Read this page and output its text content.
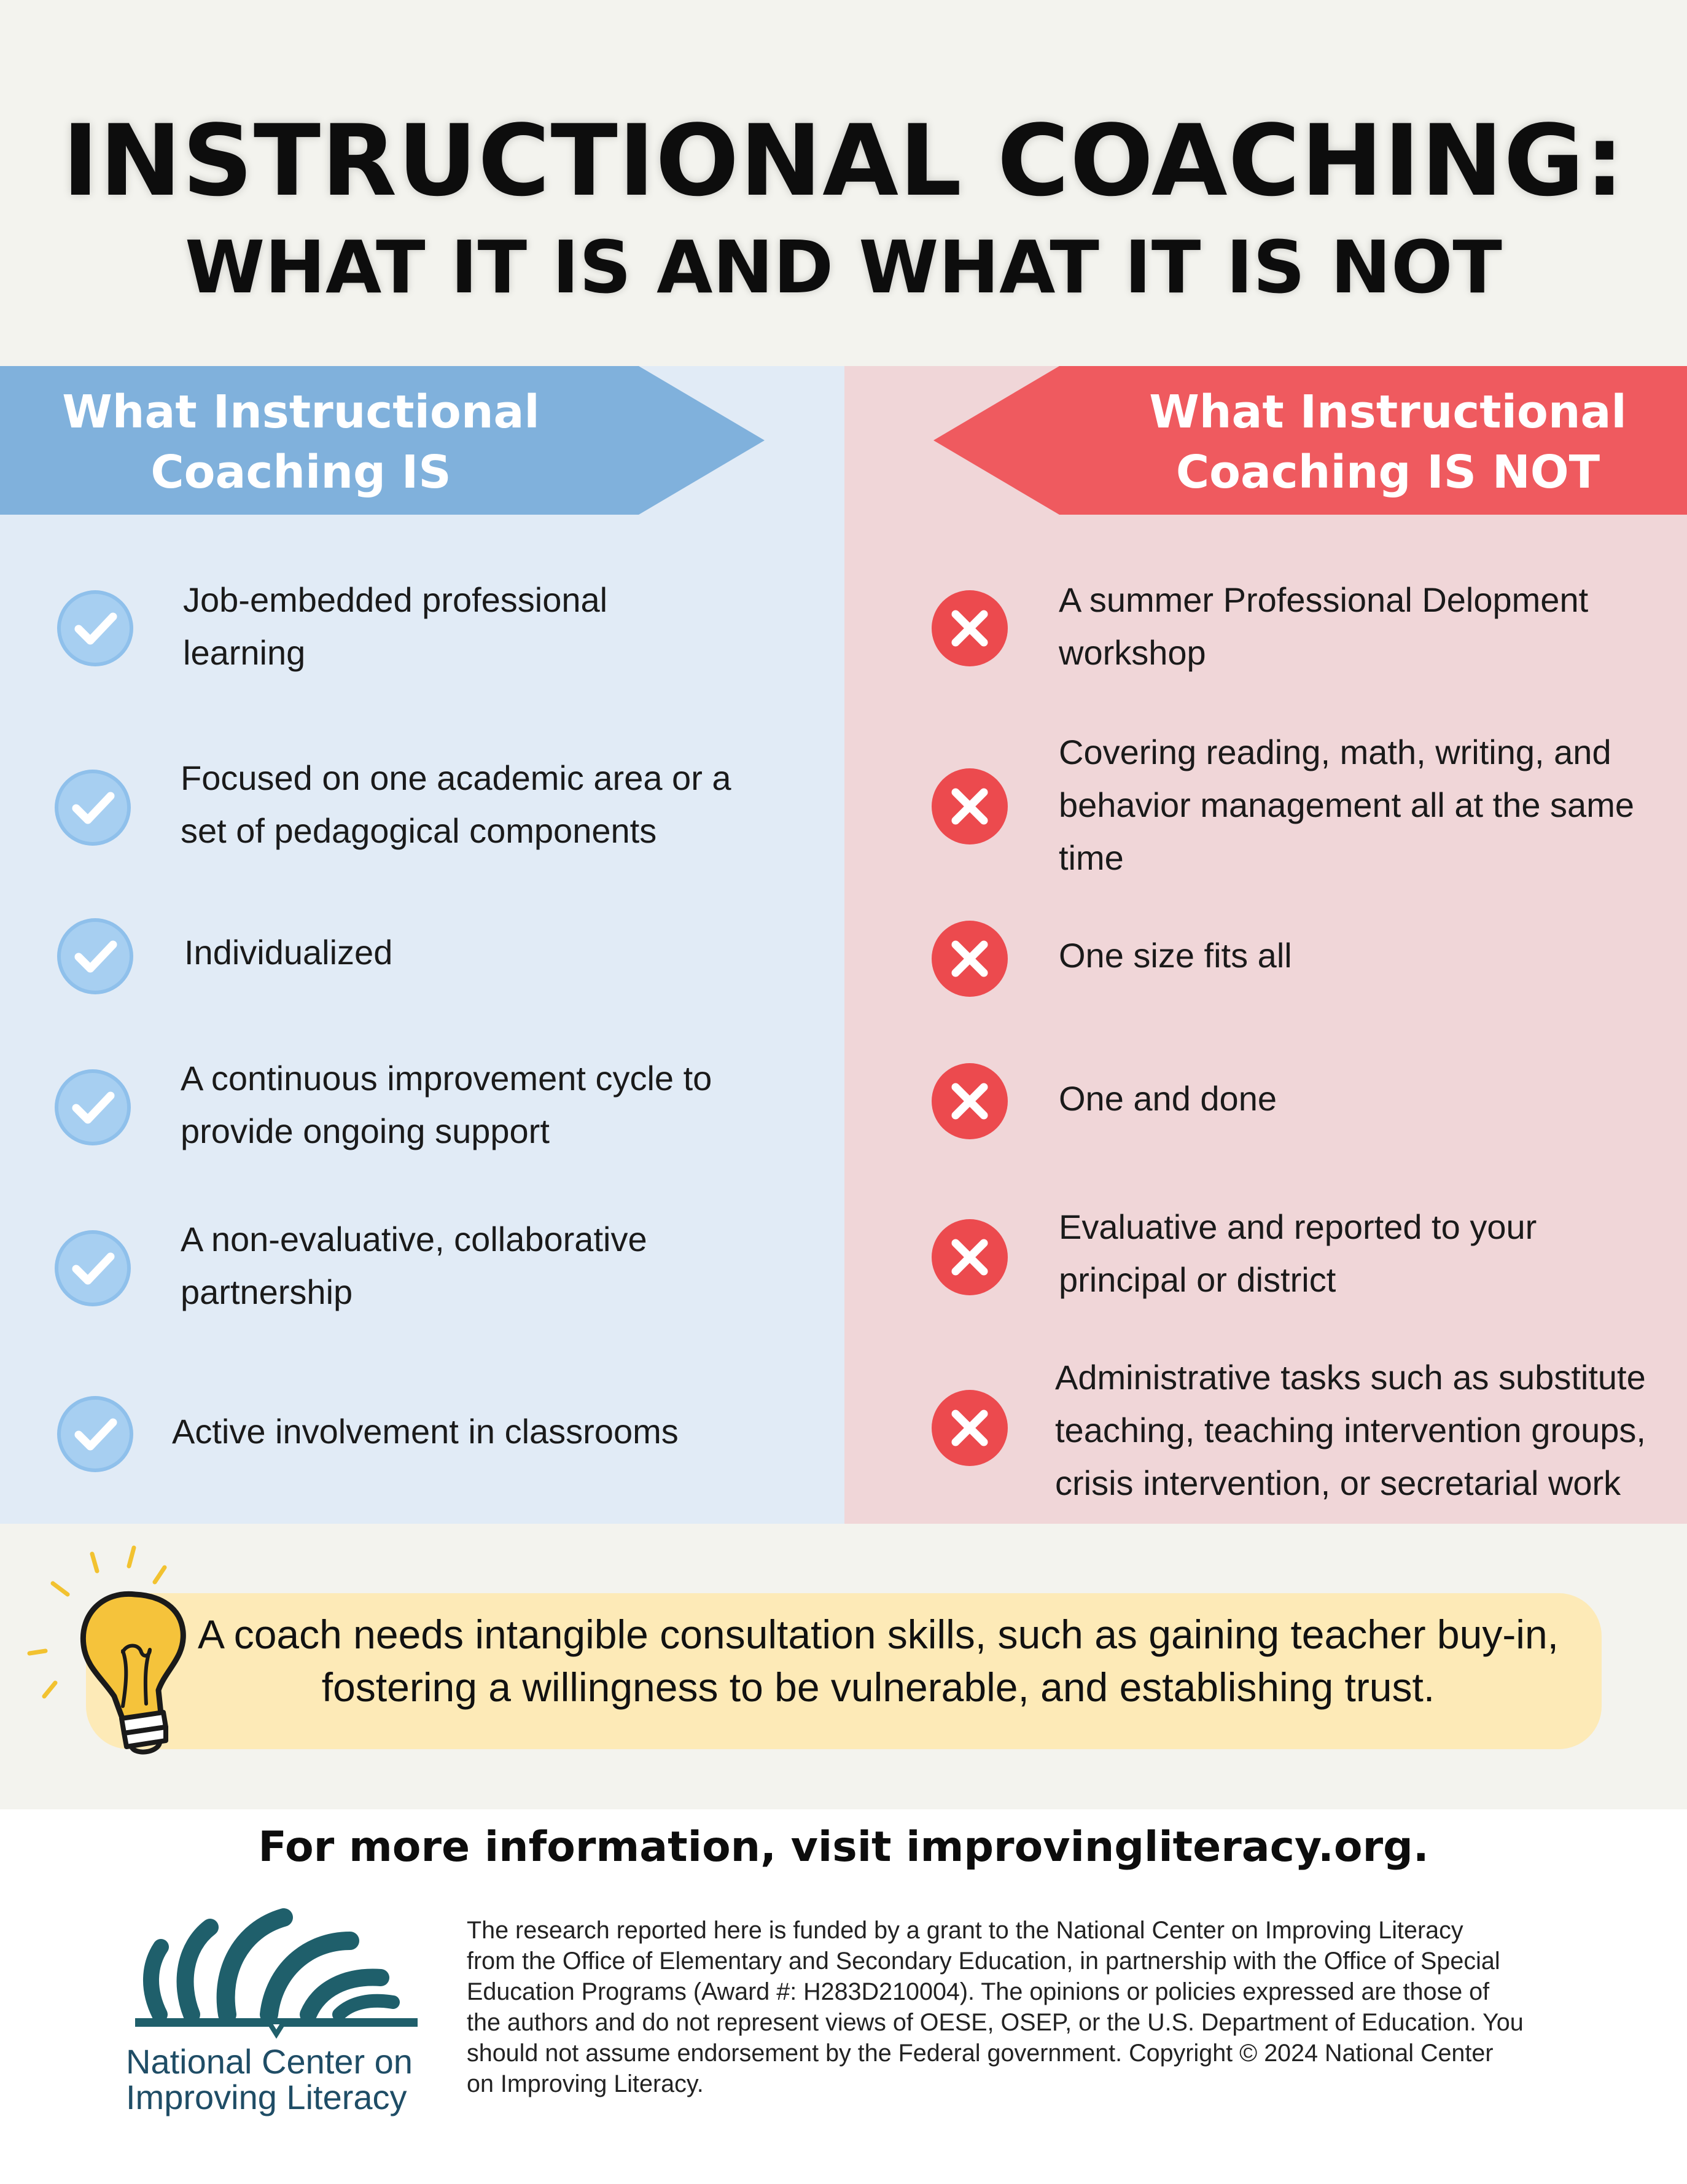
INSTRUCTIONAL COACHING:
WHAT IT IS AND WHAT IT IS NOT
What Instructional
Coaching IS
What Instructional
Coaching IS NOT
Job-embedded professional
learning
Focused on one academic area or a
set of pedagogical components
Individualized
A continuous improvement cycle to
provide ongoing support
A non-evaluative, collaborative
partnership
Active involvement in classrooms
A summer Professional Delopment
workshop
Covering reading, math, writing, and
behavior management all at the same
time
One size fits all
One and done
Evaluative and reported to your
principal or district
Administrative tasks such as substitute
teaching, teaching intervention groups,
crisis intervention, or secretarial work
A coach needs intangible consultation skills, such as gaining teacher buy-in,
fostering a willingness to be vulnerable, and establishing trust.
For more information, visit improvingliteracy.org.
National Center on
Improving Literacy
The research reported here is funded by a grant to the National Center on Improving Literacy
from the Office of Elementary and Secondary Education, in partnership with the Office of Special
Education Programs (Award #: H283D210004). The opinions or policies expressed are those of
the authors and do not represent views of OESE, OSEP, or the U.S. Department of Education. You
should not assume endorsement by the Federal government. Copyright © 2024 National Center
on Improving Literacy.
